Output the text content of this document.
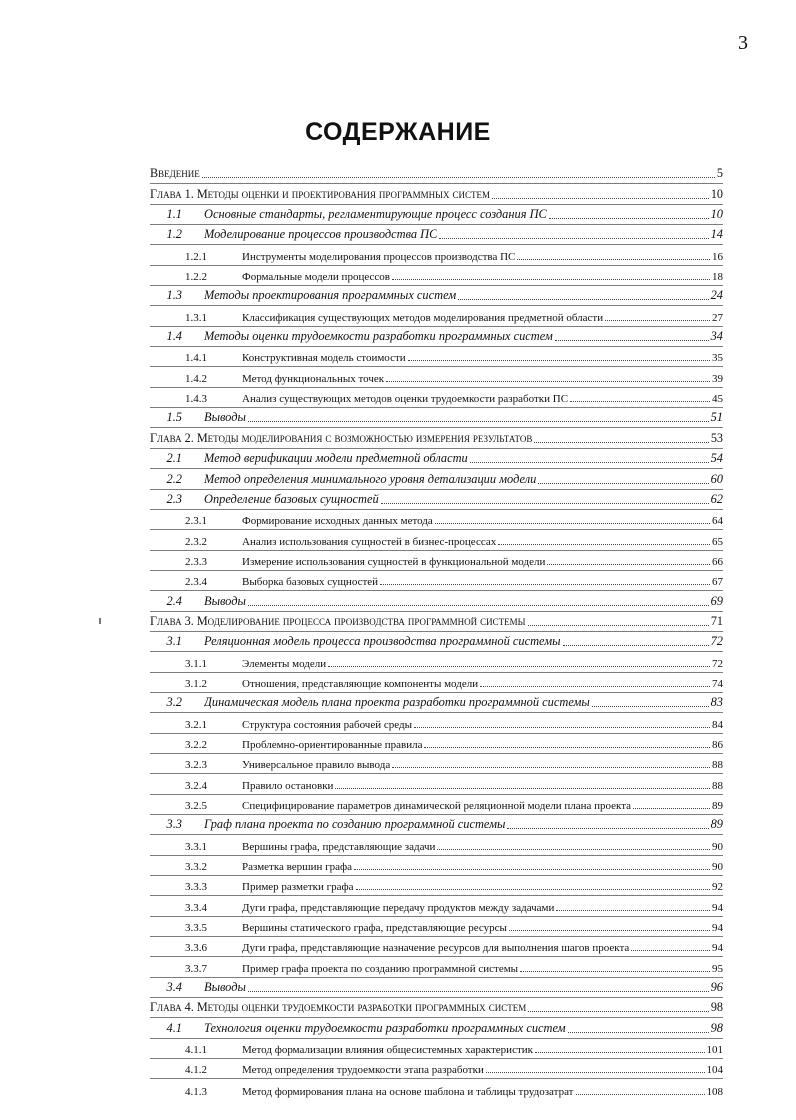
3
СОДЕРЖАНИЕ
Введение	5
Глава 1. Методы оценки и проектирования программных систем	10
1.1 Основные стандарты, регламентирующие процесс создания ПС	10
1.2 Моделирование процессов производства ПС	14
1.2.1	Инструменты моделирования процессов производства ПС	16
1.2.2	Формальные модели процессов	18
1.3 Методы проектирования программных систем	24
1.3.1	Классификация существующих методов моделирования предметной области	27
1.4 Методы оценки трудоемкости разработки программных систем	34
1.4.1	Конструктивная модель стоимости	35
1.4.2	Метод функциональных точек	39
1.4.3	Анализ существующих методов оценки трудоемкости разработки ПС	45
1.5 Выводы	51
Глава 2. Методы моделирования с возможностью измерения результатов	53
2.1 Метод верификации модели предметной области	54
2.2 Метод определения минимального уровня детализации модели	60
2.3 Определение базовых сущностей	62
2.3.1	Формирование исходных данных метода	64
2.3.2	Анализ использования сущностей в бизнес-процессах	65
2.3.3	Измерение использования сущностей в функциональной модели	66
2.3.4	Выборка базовых сущностей	67
2.4 Выводы	69
Глава 3. Моделирование процесса производства программной системы	71
3.1 Реляционная модель процесса производства программной системы	72
3.1.1	Элементы модели	72
3.1.2	Отношения, представляющие компоненты модели	74
3.2 Динамическая модель плана проекта разработки программной системы	83
3.2.1	Структура состояния рабочей среды	84
3.2.2	Проблемно-ориентированные правила	86
3.2.3	Универсальное правило вывода	88
3.2.4	Правило остановки	88
3.2.5	Специфицирование параметров динамической реляционной модели плана проекта	89
3.3 Граф плана проекта по созданию программной системы	89
3.3.1	Вершины графа, представляющие задачи	90
3.3.2	Разметка вершин графа	90
3.3.3	Пример разметки графа	92
3.3.4	Дуги графа, представляющие передачу продуктов между задачами	94
3.3.5	Вершины статического графа, представляющие ресурсы	94
3.3.6	Дуги графа, представляющие назначение ресурсов для выполнения шагов проекта	94
3.3.7	Пример графа проекта по созданию программной системы	95
3.4 Выводы	96
Глава 4. Методы оценки трудоемкости разработки программных систем	98
4.1 Технология оценки трудоемкости разработки программных систем	98
4.1.1	Метод формализации влияния общесистемных характеристик	101
4.1.2	Метод определения трудоемкости этапа разработки	104
4.1.3	Метод формирования плана на основе шаблона и таблицы трудозатрат	108
